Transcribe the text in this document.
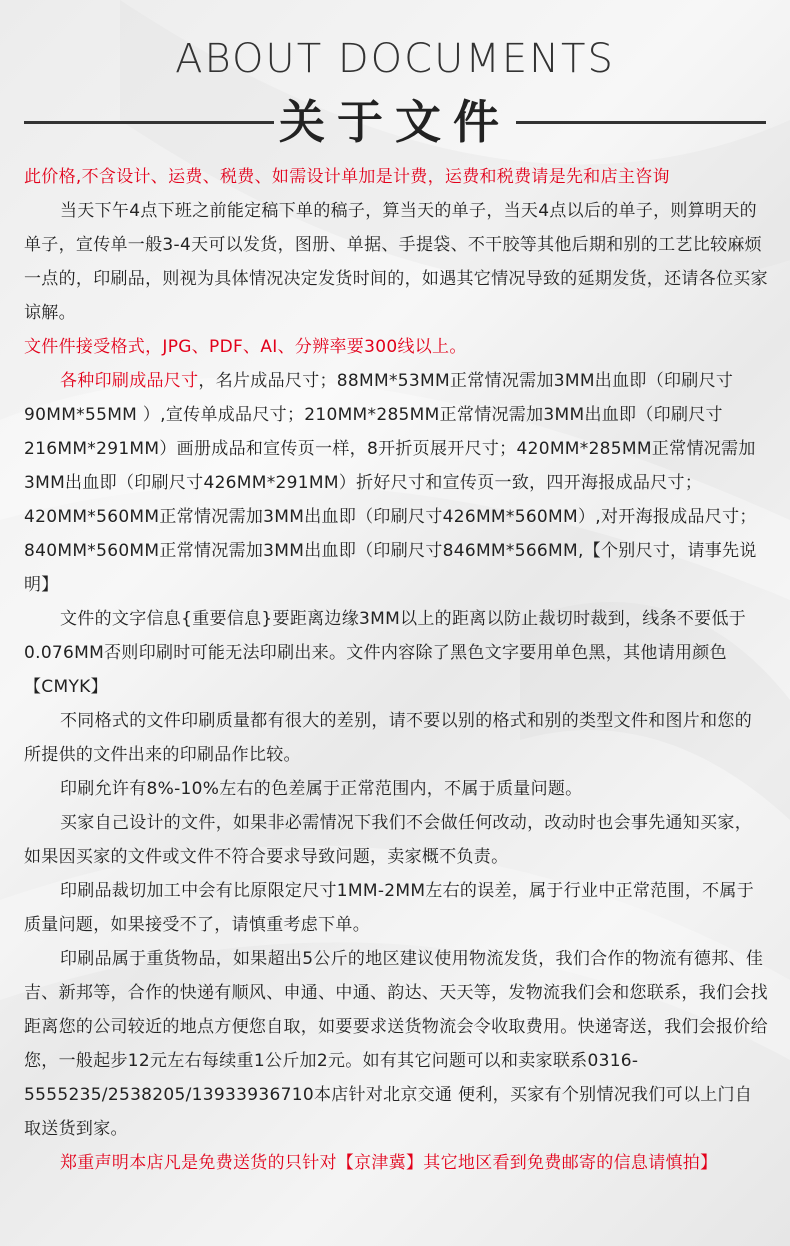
ABOUT DOCUMENTS
关于文件

此价格,不含设计、运费、税费、如需设计单加是计费，运费和税费请是先和店主咨询

当天下午4点下班之前能定稿下单的稿子，算当天的单子，当天4点以后的单子，则算明天的单子，宣传单一般3-4天可以发货，图册、单据、手提袋、不干胶等其他后期和别的工艺比较麻烦一点的，印刷品，则视为具体情况决定发货时间的，如遇其它情况导致的延期发货，还请各位买家谅解。

文件件接受格式，JPG、PDF、AI、分辨率要300线以上。

各种印刷成品尺寸，名片成品尺寸；88MM*53MM正常情况需加3MM出血即（印刷尺寸90MM*55MM ）,宣传单成品尺寸；210MM*285MM正常情况需加3MM出血即（印刷尺寸216MM*291MM）画册成品和宣传页一样，8开折页展开尺寸；420MM*285MM正常情况需加3MM出血即（印刷尺寸426MM*291MM）折好尺寸和宣传页一致，四开海报成品尺寸；420MM*560MM正常情况需加3MM出血即（印刷尺寸426MM*560MM）,对开海报成品尺寸；840MM*560MM正常情况需加3MM出血即（印刷尺寸846MM*566MM,【个别尺寸，请事先说明】

文件的文字信息{重要信息}要距离边缘3MM以上的距离以防止裁切时裁到，线条不要低于0.076MM否则印刷时可能无法印刷出来。文件内容除了黑色文字要用单色黑，其他请用颜色【CMYK】

不同格式的文件印刷质量都有很大的差别，请不要以别的格式和别的类型文件和图片和您的所提供的文件出来的印刷品作比较。

印刷允许有8%-10%左右的色差属于正常范围内，不属于质量问题。

买家自己设计的文件，如果非必需情况下我们不会做任何改动，改动时也会事先通知买家，如果因买家的文件或文件不符合要求导致问题，卖家概不负责。

印刷品裁切加工中会有比原限定尺寸1MM-2MM左右的误差，属于行业中正常范围，不属于质量问题，如果接受不了，请慎重考虑下单。

印刷品属于重货物品，如果超出5公斤的地区建议使用物流发货，我们合作的物流有德邦、佳吉、新邦等，合作的快递有顺风、申通、中通、韵达、天天等，发物流我们会和您联系，我们会找距离您的公司较近的地点方便您自取，如要要求送货物流会令收取费用。快递寄送，我们会报价给您，一般起步12元左右每续重1公斤加2元。如有其它问题可以和卖家联系0316-5555235/2538205/13933936710本店针对北京交通 便利，买家有个别情况我们可以上门自取送货到家。

郑重声明本店凡是免费送货的只针对【京津冀】其它地区看到免费邮寄的信息请慎拍】
